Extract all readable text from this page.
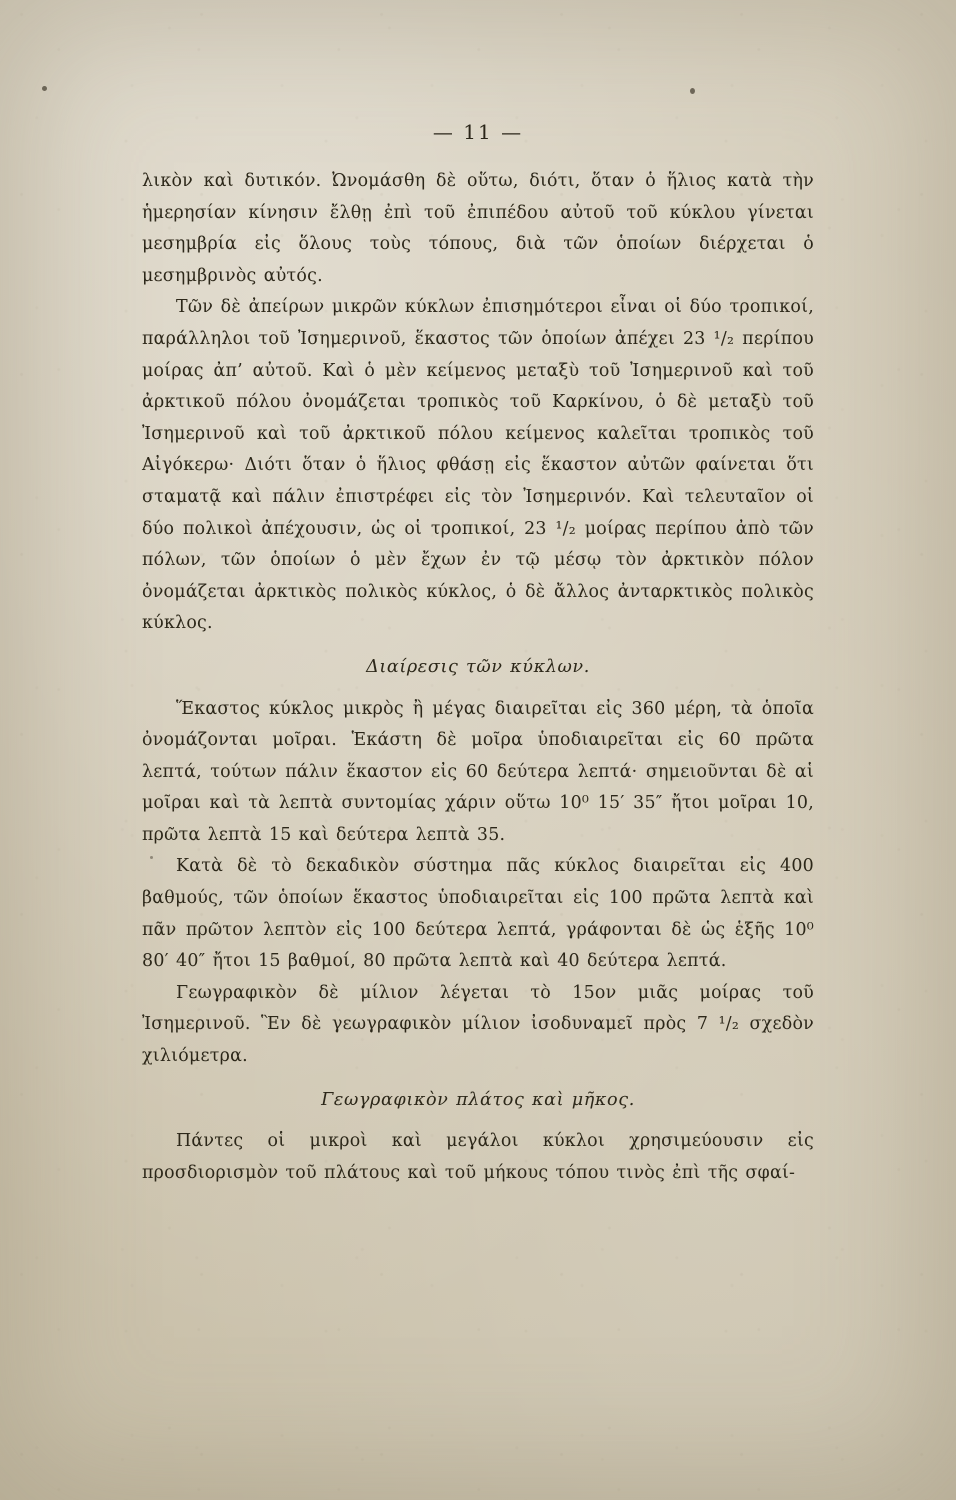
— 11 —

λικὸν καὶ δυτικόν. Ὠνομάσθη δὲ οὕτω, διότι, ὅταν ὁ ἥλιος κατὰ τὴν ἡμερησίαν κίνησιν ἔλθῃ ἐπὶ τοῦ ἐπιπέδου αὐτοῦ τοῦ κύκλου γίνεται μεσημβρία εἰς ὅλους τοὺς τόπους, διὰ τῶν ὁποίων διέρχεται ὁ μεσημβρινὸς αὐτός.

Τῶν δὲ ἀπείρων μικρῶν κύκλων ἐπισημότεροι εἶναι οἱ δύο τροπικοί, παράλληλοι τοῦ Ἰσημερινοῦ, ἕκαστος τῶν ὁποίων ἀπέχει 23 ¹/₂ περίπου μοίρας ἀπ’ αὐτοῦ. Καὶ ὁ μὲν κείμενος μεταξὺ τοῦ Ἰσημερινοῦ καὶ τοῦ ἀρκτικοῦ πόλου ὀνομάζεται τροπικὸς τοῦ Καρκίνου, ὁ δὲ μεταξὺ τοῦ Ἰσημερινοῦ καὶ τοῦ ἀρκτικοῦ πόλου κείμενος καλεῖται τροπικὸς τοῦ Αἰγόκερω· Διότι ὅταν ὁ ἥλιος φθάσῃ εἰς ἕκαστον αὐτῶν φαίνεται ὅτι σταματᾷ καὶ πάλιν ἐπιστρέφει εἰς τὸν Ἰσημερινόν. Καὶ τελευταῖον οἱ δύο πολικοὶ ἀπέχουσιν, ὡς οἱ τροπικοί, 23 ¹/₂ μοίρας περίπου ἀπὸ τῶν πόλων, τῶν ὁποίων ὁ μὲν ἔχων ἐν τῷ μέσῳ τὸν ἀρκτικὸν πόλον ὀνομάζεται ἀρκτικὸς πολικὸς κύκλος, ὁ δὲ ἄλλος ἀνταρκτικὸς πολικὸς κύκλος.

Διαίρεσις τῶν κύκλων.

Ἕκαστος κύκλος μικρὸς ἢ μέγας διαιρεῖται εἰς 360 μέρη, τὰ ὁποῖα ὀνομάζονται μοῖραι. Ἑκάστη δὲ μοῖρα ὑποδιαιρεῖται εἰς 60 πρῶτα λεπτά, τούτων πάλιν ἕκαστον εἰς 60 δεύτερα λεπτά· σημειοῦνται δὲ αἱ μοῖραι καὶ τὰ λεπτὰ συντομίας χάριν οὕτω 10⁰ 15′ 35″ ἤτοι μοῖραι 10, πρῶτα λεπτὰ 15 καὶ δεύτερα λεπτὰ 35.

Κατὰ δὲ τὸ δεκαδικὸν σύστημα πᾶς κύκλος διαιρεῖται εἰς 400 βαθμούς, τῶν ὁποίων ἕκαστος ὑποδιαιρεῖται εἰς 100 πρῶτα λεπτὰ καὶ πᾶν πρῶτον λεπτὸν εἰς 100 δεύτερα λεπτά, γράφονται δὲ ὡς ἑξῆς 10⁰ 80′ 40″ ἤτοι 15 βαθμοί, 80 πρῶτα λεπτὰ καὶ 40 δεύτερα λεπτά.

Γεωγραφικὸν δὲ μίλιον λέγεται τὸ 15ον μιᾶς μοίρας τοῦ Ἰσημερινοῦ. Ἓν δὲ γεωγραφικὸν μίλιον ἰσοδυναμεῖ πρὸς 7 ¹/₂ σχεδὸν χιλιόμετρα.

Γεωγραφικὸν πλάτος καὶ μῆκος.

Πάντες οἱ μικροὶ καὶ μεγάλοι κύκλοι χρησιμεύουσιν εἰς προσδιορισμὸν τοῦ πλάτους καὶ τοῦ μήκους τόπου τινὸς ἐπὶ τῆς σφαί-
